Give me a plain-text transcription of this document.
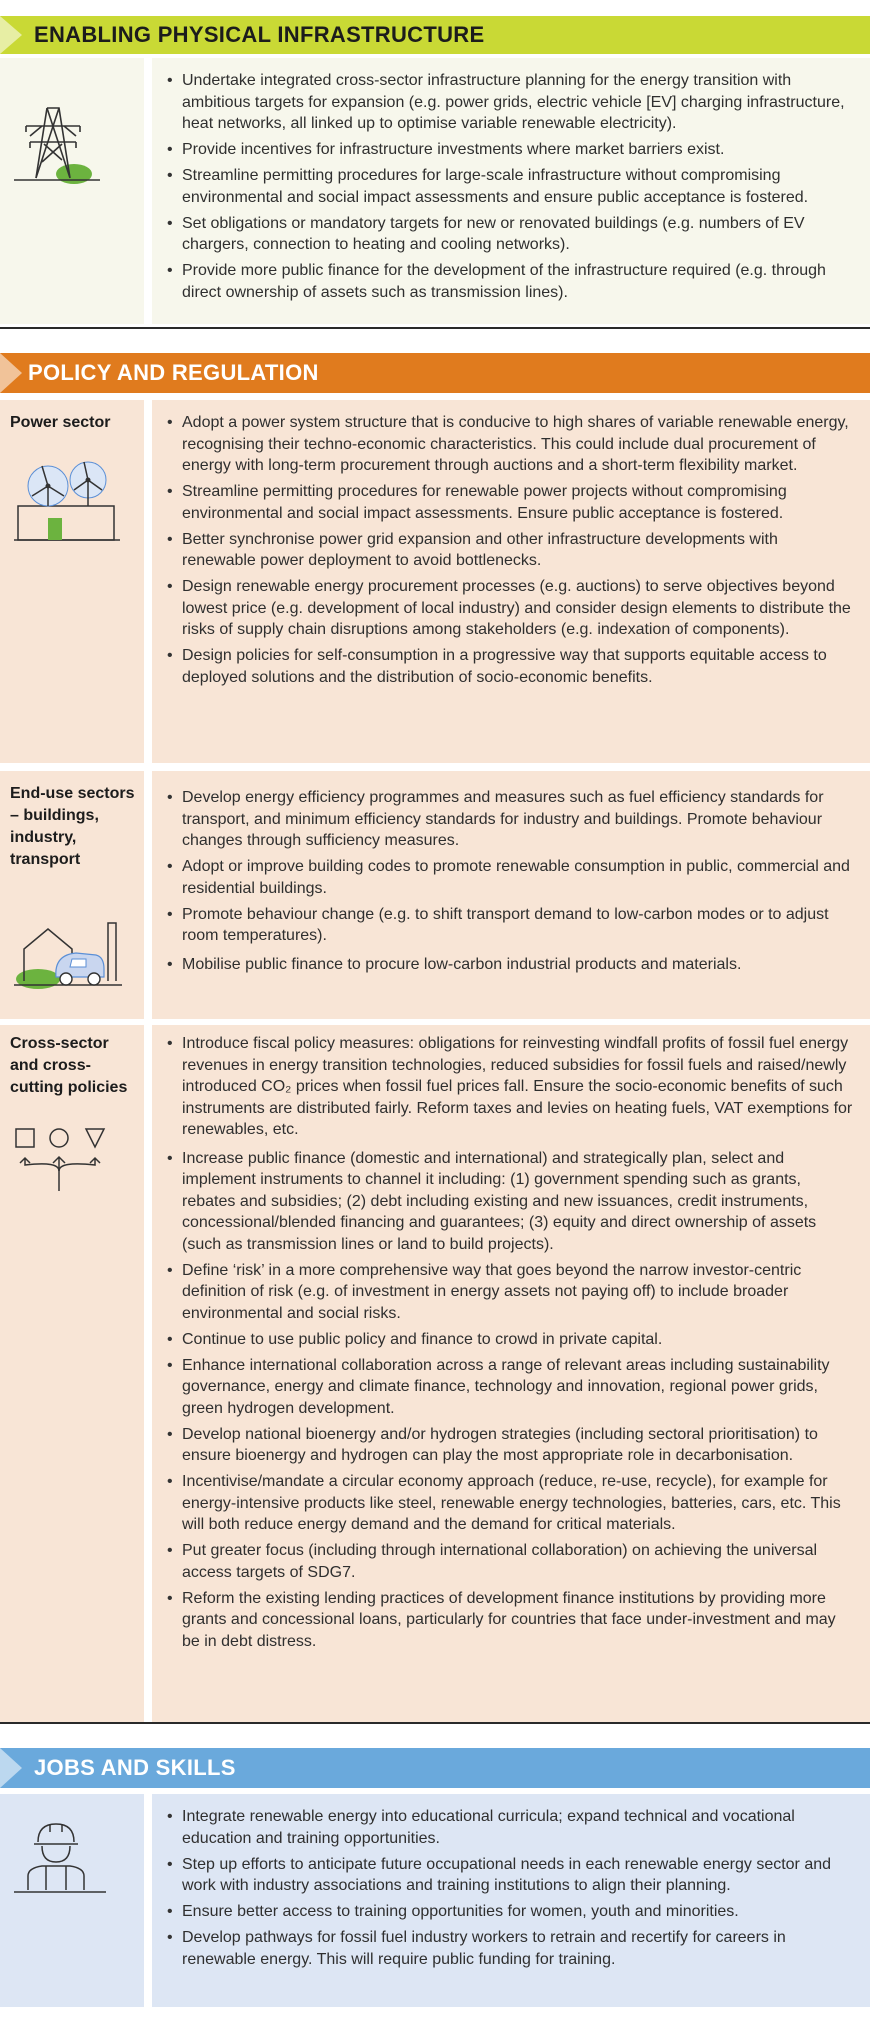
ENABLING PHYSICAL INFRASTRUCTURE
• Undertake integrated cross-sector infrastructure planning for the energy transition with ambitious targets for expansion (e.g. power grids, electric vehicle [EV] charging infrastructure, heat networks, all linked up to optimise variable renewable electricity).
• Provide incentives for infrastructure investments where market barriers exist.
• Streamline permitting procedures for large-scale infrastructure without compromising environmental and social impact assessments and ensure public acceptance is fostered.
• Set obligations or mandatory targets for new or renovated buildings (e.g. numbers of EV chargers, connection to heating and cooling networks).
• Provide more public finance for the development of the infrastructure required (e.g. through direct ownership of assets such as transmission lines).
POLICY AND REGULATION
Power sector
•	Adopt a power system structure that is conducive to high shares of variable renewable energy, recognising their techno-economic characteristics. This could include dual procurement of energy with long-term procurement through auctions and a short-term flexibility market.
• Streamline permitting procedures for renewable power projects without compromising environmental and social impact assessments. Ensure public acceptance is fostered.
• Better synchronise power grid expansion and other infrastructure developments with renewable power deployment to avoid bottlenecks.
• Design renewable energy procurement processes (e.g. auctions) to serve objectives beyond lowest price (e.g. development of local industry) and consider design elements to distribute the risks of supply chain disruptions among stakeholders (e.g. indexation of components).
• Design policies for self-consumption in a progressive way that supports equitable access to deployed solutions and the distribution of socio-economic benefits.
End-use sectors – buildings, industry, transport
• Develop energy efficiency programmes and measures such as fuel efficiency standards for transport, and minimum efficiency standards for industry and buildings. Promote behaviour changes through sufficiency measures.
• Adopt or improve building codes to promote renewable consumption in public, commercial and residential buildings.
• Promote behaviour change (e.g. to shift transport demand to low-carbon modes or to adjust room temperatures).
• Mobilise public finance to procure low-carbon industrial products and materials.
Cross-sector and cross-cutting policies
• Introduce fiscal policy measures: obligations for reinvesting windfall profits of fossil fuel energy revenues in energy transition technologies, reduced subsidies for fossil fuels and raised/newly introduced CO₂ prices when fossil fuel prices fall. Ensure the socio-economic benefits of such instruments are distributed fairly. Reform taxes and levies on heating fuels, VAT exemptions for renewables, etc.
• Increase public finance (domestic and international) and strategically plan, select and implement instruments to channel it including: (1) government spending such as grants, rebates and subsidies; (2) debt including existing and new issuances, credit instruments, concessional/blended financing and guarantees; (3) equity and direct ownership of assets (such as transmission lines or land to build projects).
• Define ‘risk’ in a more comprehensive way that goes beyond the narrow investor-centric definition of risk (e.g. of investment in energy assets not paying off) to include broader environmental and social risks.
• Continue to use public policy and finance to crowd in private capital.
• Enhance international collaboration across a range of relevant areas including sustainability governance, energy and climate finance, technology and innovation, regional power grids, green hydrogen development.
• Develop national bioenergy and/or hydrogen strategies (including sectoral prioritisation) to ensure bioenergy and hydrogen can play the most appropriate role in decarbonisation.
• Incentivise/mandate a circular economy approach (reduce, re-use, recycle), for example for energy-intensive products like steel, renewable energy technologies, batteries, cars, etc. This will both reduce energy demand and the demand for critical materials.
• Put greater focus (including through international collaboration) on achieving the universal access targets of SDG7.
• Reform the existing lending practices of development finance institutions by providing more grants and concessional loans, particularly for countries that face under-investment and may be in debt distress.
JOBS AND SKILLS
• Integrate renewable energy into educational curricula; expand technical and vocational education and training opportunities.
• Step up efforts to anticipate future occupational needs in each renewable energy sector and work with industry associations and training institutions to align their planning.
• Ensure better access to training opportunities for women, youth and minorities.
• Develop pathways for fossil fuel industry workers to retrain and recertify for careers in renewable energy. This will require public funding for training.
